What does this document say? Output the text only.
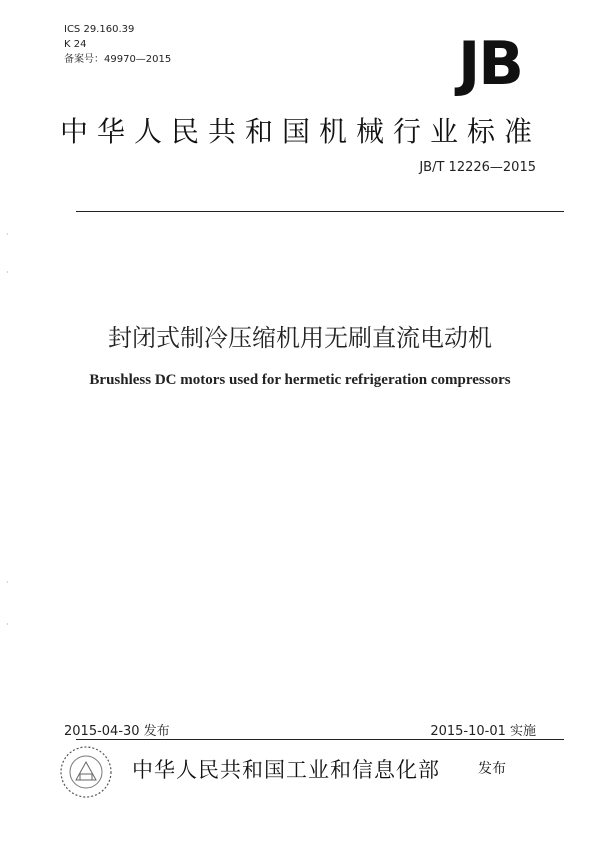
ICS 29.160.39
K 24
备案号：49970—2015	JB
中华人民共和国机械行业标准
JB/T 12226—2015
·
·
·
·
封闭式制冷压缩机用无刷直流电动机
Brushless DC motors used for hermetic refrigeration compressors
2015-04-30 发布	2015-10-01 实施
中华人民共和国工业和信息化部	发布
